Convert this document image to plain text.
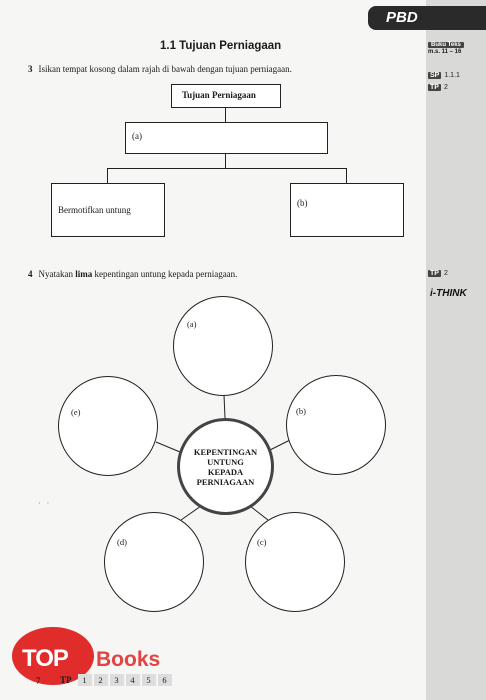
PBD
Buku Teks
m.s. 11 – 16
SP 1.1.1
TP 2
TP 2
i-THINK
1.1 Tujuan Perniagaan
3 Isikan tempat kosong dalam rajah di bawah dengan tujuan perniagaan.
Tujuan Perniagaan
(a)
Bermotifkan untung
(b)
4 Nyatakan lima kepentingan untung kepada perniagaan.
(a)
(b)
(c)
(d)
(e)
KEPENTINGAN
UNTUNG
KEPADA
PERNIAGAAN
· ·
TOP Books
7 TP	1	2	3	4	5	6
